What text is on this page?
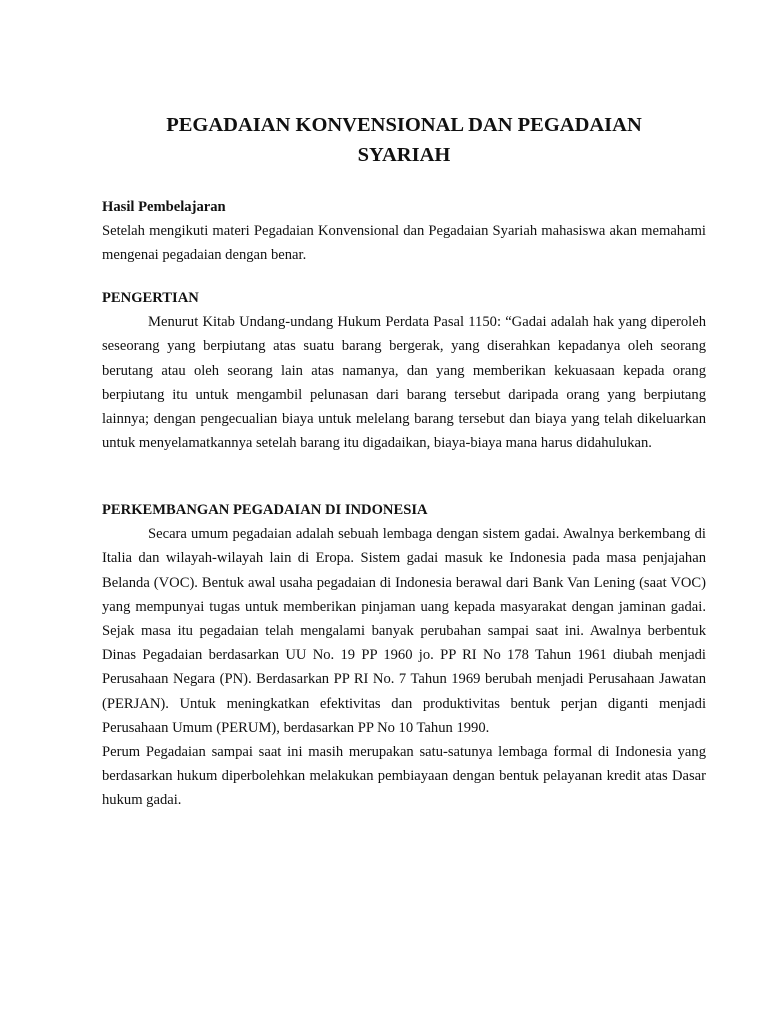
PEGADAIAN KONVENSIONAL DAN PEGADAIAN
SYARIAH
Hasil Pembelajaran

Setelah mengikuti materi Pegadaian Konvensional dan Pegadaian Syariah mahasiswa akan memahami mengenai pegadaian dengan benar.

PENGERTIAN

Menurut Kitab Undang-undang Hukum Perdata Pasal 1150: “Gadai adalah hak yang diperoleh seseorang yang berpiutang atas suatu barang bergerak, yang diserahkan kepadanya oleh seorang berutang atau oleh seorang lain atas namanya, dan yang memberikan kekuasaan kepada orang berpiutang itu untuk mengambil pelunasan dari barang tersebut daripada orang yang berpiutang lainnya; dengan pengecualian biaya untuk melelang barang tersebut dan biaya yang telah dikeluarkan untuk menyelamatkannya setelah barang itu digadaikan, biaya-biaya mana harus didahulukan.

PERKEMBANGAN PEGADAIAN DI INDONESIA

Secara umum pegadaian adalah sebuah lembaga dengan sistem gadai. Awalnya berkembang di Italia dan wilayah-wilayah lain di Eropa. Sistem gadai masuk ke Indonesia pada masa penjajahan Belanda (VOC). Bentuk awal usaha pegadaian di Indonesia berawal dari Bank Van Lening (saat VOC) yang mempunyai tugas untuk memberikan pinjaman uang kepada masyarakat dengan jaminan gadai. Sejak masa itu pegadaian telah mengalami banyak perubahan sampai saat ini. Awalnya berbentuk Dinas Pegadaian berdasarkan UU No. 19 PP 1960 jo. PP RI No 178 Tahun 1961 diubah menjadi Perusahaan Negara (PN). Berdasarkan PP RI No. 7 Tahun 1969 berubah menjadi Perusahaan Jawatan (PERJAN). Untuk meningkatkan efektivitas dan produktivitas bentuk perjan diganti menjadi Perusahaan Umum (PERUM), berdasarkan PP No 10 Tahun 1990.

Perum Pegadaian sampai saat ini masih merupakan satu-satunya lembaga formal di Indonesia yang berdasarkan hukum diperbolehkan melakukan pembiayaan dengan bentuk pelayanan kredit atas Dasar hukum gadai.
